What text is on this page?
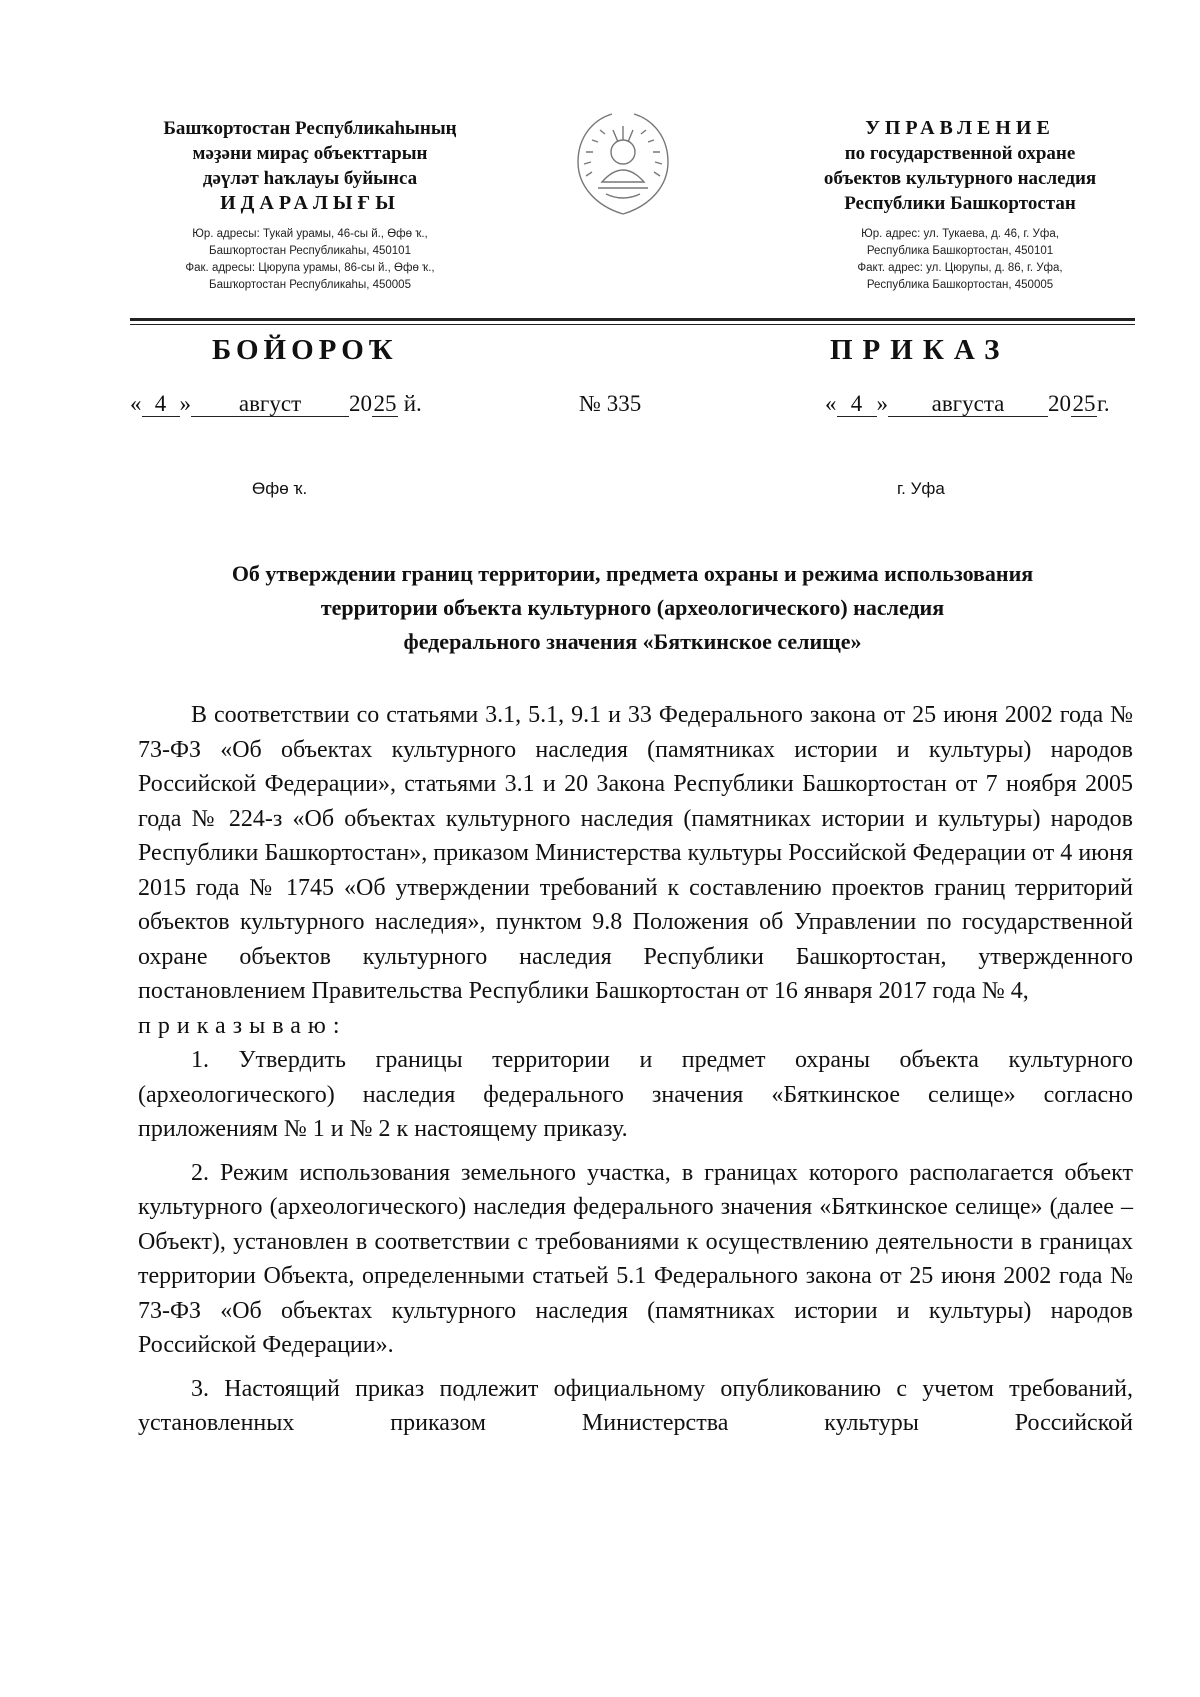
Башҡортостан Республикаһының
мәҙәни мираҫ объекттарын
дәүләт һаҡлауы буйынса
ИДАРАЛЫҒЫ
Юр. адресы: Тукай урамы, 46-сы й., Өфө ҡ.,
Башҡортостан Республикаһы, 450101
Фак. адресы: Цюрупа урамы, 86-сы й., Өфө ҡ.,
Башҡортостан Республикаһы, 450005
УПРАВЛЕНИЕ
по государственной охране
объектов культурного наследия
Республики Башкортостан
Юр. адрес: ул. Тукаева, д. 46, г. Уфа,
Республика Башкортостан, 450101
Факт. адрес: ул. Цюрупы, д. 86, г. Уфа,
Республика Башкортостан, 450005
БОЙОРОҠ	ПРИКАЗ
« 4 » август 2025 й.	№ 335	« 4 » августа 2025г.
Өфө ҡ.	г. Уфа
Об утверждении границ территории, предмета охраны и режима использования
территории объекта культурного (археологического) наследия
федерального значения «Бяткинское селище»

В соответствии со статьями 3.1, 5.1, 9.1 и 33 Федерального закона от 25 июня 2002 года № 73-ФЗ «Об объектах культурного наследия (памятниках истории и культуры) народов Российской Федерации», статьями 3.1 и 20 Закона Республики Башкортостан от 7 ноября 2005 года № 224-з «Об объектах культурного наследия (памятниках истории и культуры) народов Республики Башкортостан», приказом Министерства культуры Российской Федерации от 4 июня 2015 года № 1745 «Об утверждении требований к составлению проектов границ территорий объектов культурного наследия», пунктом 9.8 Положения об Управлении по государственной охране объектов культурного наследия Республики Башкортостан, утвержденного постановлением Правительства Республики Башкортостан от 16 января 2017 года № 4,

приказываю:

1. Утвердить границы территории и предмет охраны объекта культурного (археологического) наследия федерального значения «Бяткинское селище» согласно приложениям № 1 и № 2 к настоящему приказу.

2. Режим использования земельного участка, в границах которого располагается объект культурного (археологического) наследия федерального значения «Бяткинское селище» (далее – Объект), установлен в соответствии с требованиями к осуществлению деятельности в границах территории Объекта, определенными статьей 5.1 Федерального закона от 25 июня 2002 года № 73-ФЗ «Об объектах культурного наследия (памятниках истории и культуры) народов Российской Федерации».

3. Настоящий приказ подлежит официальному опубликованию с учетом требований, установленных приказом Министерства культуры Российской
